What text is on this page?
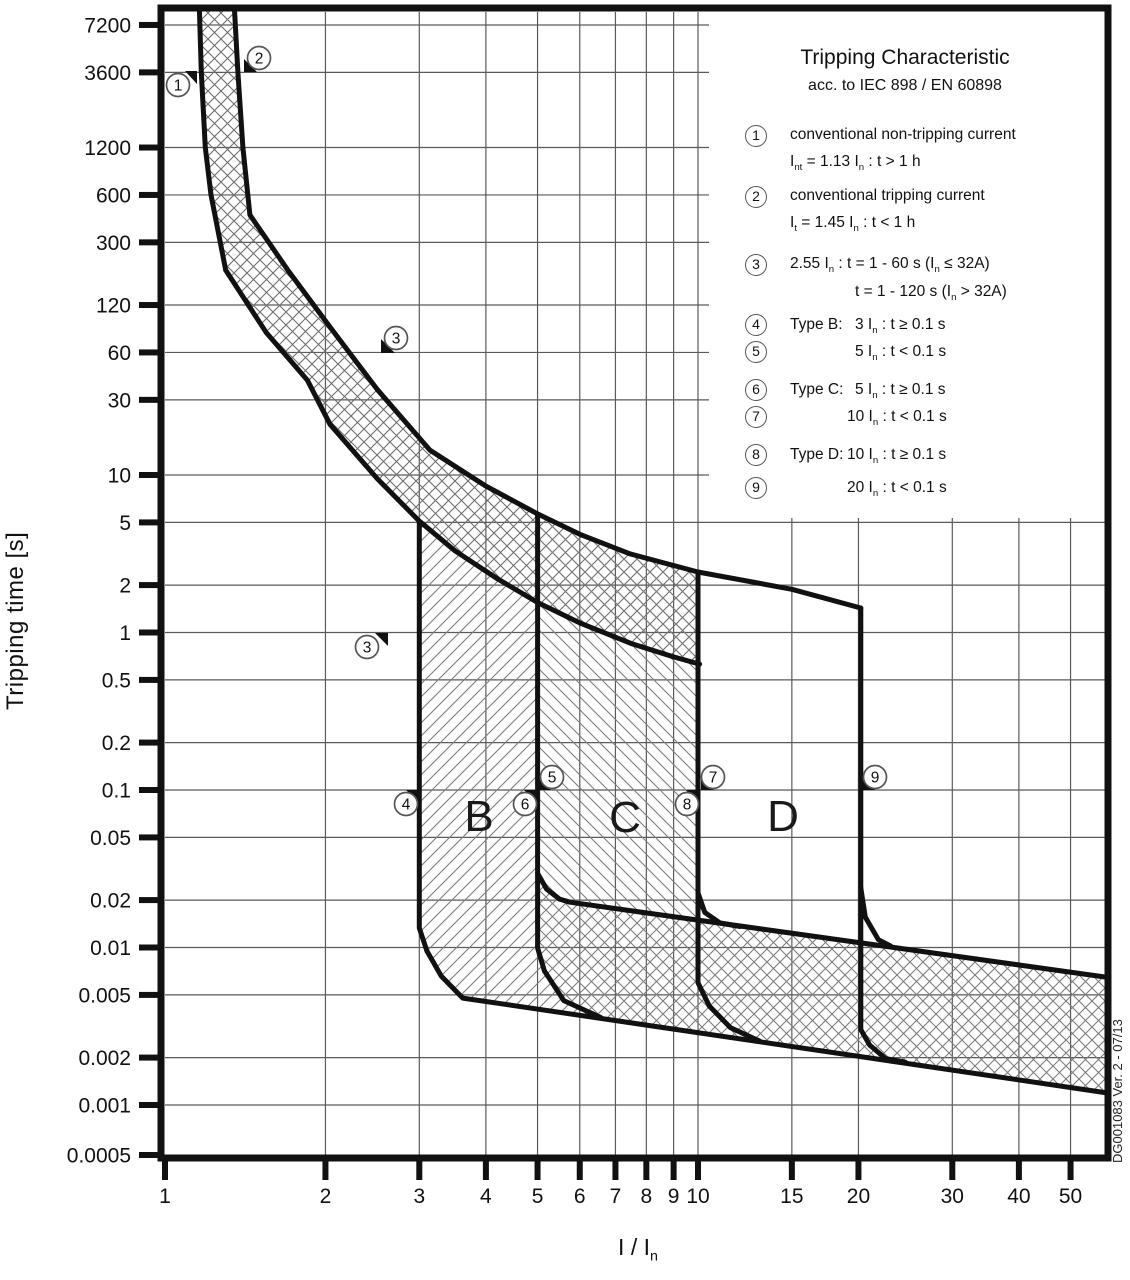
7200
3600
1200
600
300
120
60
30
10
5
2
1
0.5
0.2
0.1
0.05
0.02
0.01
0.005
0.002
0.001
0.0005
1	2	3	4 5 6 7 8 9 10	15 20	30 40 50
B	C	D
1
2
3
3
4
5
6
7
8
9
Tripping time [s]
I / $I_n$
DG001083 Ver. 2 - 07/13
Tripping Characteristic
acc. to IEC 898 / EN 60898
1	conventional non-tripping current
$I_{nt} = 1.13$ $I_n$ : t > 1 h
2	conventional tripping current
$I_t = 1.45$ $I_n$ : t < 1 h
3	2.55 $I_n$ : t = 1 - 60 s $(I_n \le 32A)$
t = 1 - 120 s $(I_n > 32A)$
4	Type B: 3 $I_n$ : t ≥ 0.1 s
5	5 $I_n$ : t < 0.1 s
6	Type C: 5 $I_n$ : t ≥ 0.1 s
7	10 $I_n$ : t < 0.1 s
8	Type D: 10 $I_n$ : t ≥ 0.1 s
9	20 $I_n$ : t < 0.1 s
